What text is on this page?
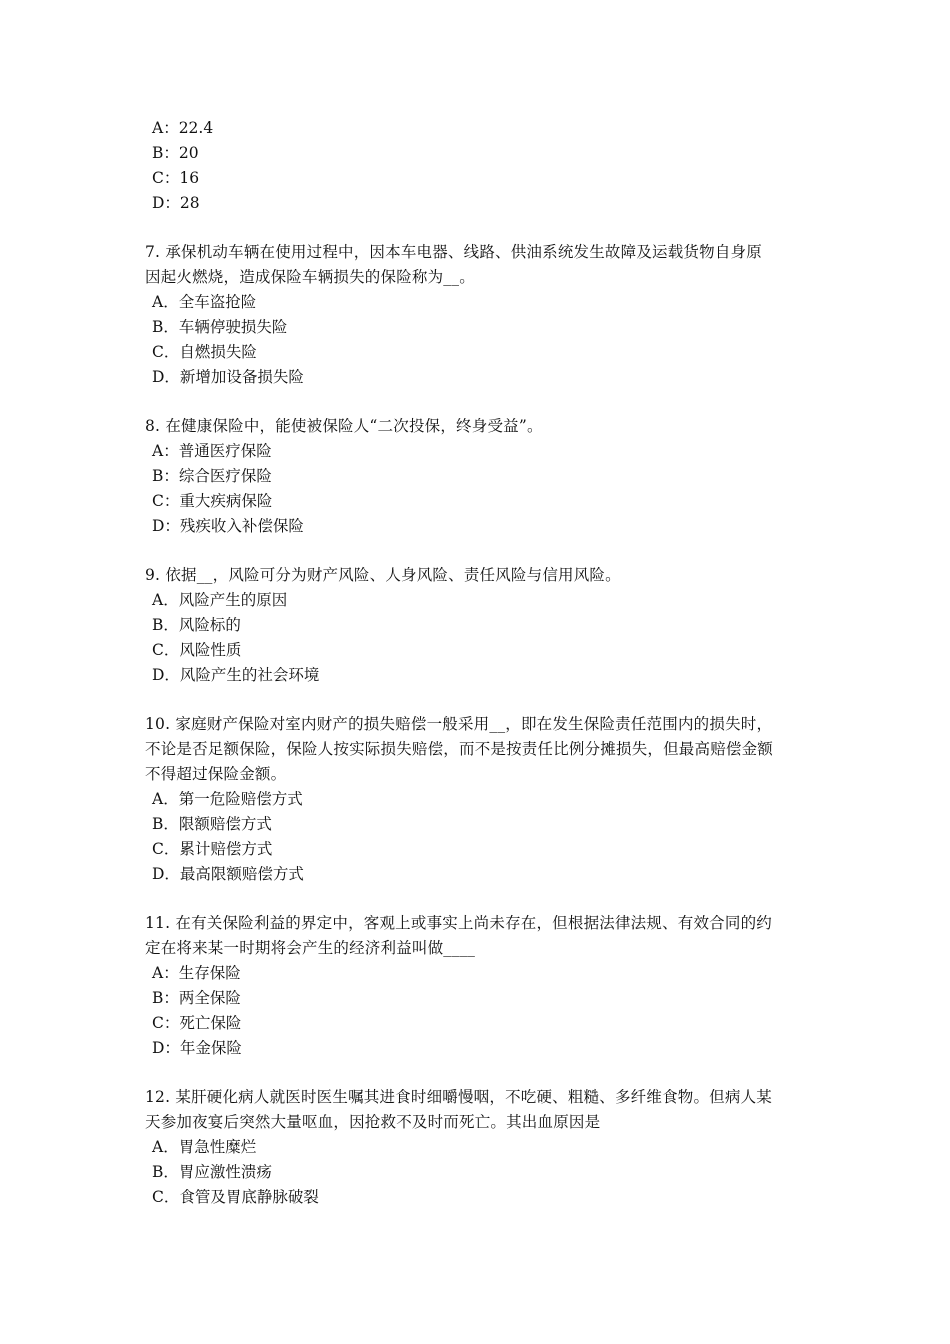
A：22.4

B：20

C：16

D：28

7. 承保机动车辆在使用过程中，因本车电器、线路、供油系统发生故障及运载货物自身原

因起火燃烧，造成保险车辆损失的保险称为__。

A．全车盗抢险

B．车辆停驶损失险

C．自燃损失险

D．新增加设备损失险

8. 在健康保险中，能使被保险人“二次投保，终身受益”。

A：普通医疗保险

B：综合医疗保险

C：重大疾病保险

D：残疾收入补偿保险

9. 依据__，风险可分为财产风险、人身风险、责任风险与信用风险。

A．风险产生的原因

B．风险标的

C．风险性质

D．风险产生的社会环境

10. 家庭财产保险对室内财产的损失赔偿一般采用__，即在发生保险责任范围内的损失时，

不论是否足额保险，保险人按实际损失赔偿，而不是按责任比例分摊损失，但最高赔偿金额

不得超过保险金额。

A．第一危险赔偿方式

B．限额赔偿方式

C．累计赔偿方式

D．最高限额赔偿方式

11. 在有关保险利益的界定中，客观上或事实上尚未存在，但根据法律法规、有效合同的约

定在将来某一时期将会产生的经济利益叫做____

A：生存保险

B：两全保险

C：死亡保险

D：年金保险

12. 某肝硬化病人就医时医生嘱其进食时细嚼慢咽，不吃硬、粗糙、多纤维食物。但病人某

天参加夜宴后突然大量呕血，因抢救不及时而死亡。其出血原因是

A．胃急性糜烂

B．胃应激性溃疡

C．食管及胃底静脉破裂
